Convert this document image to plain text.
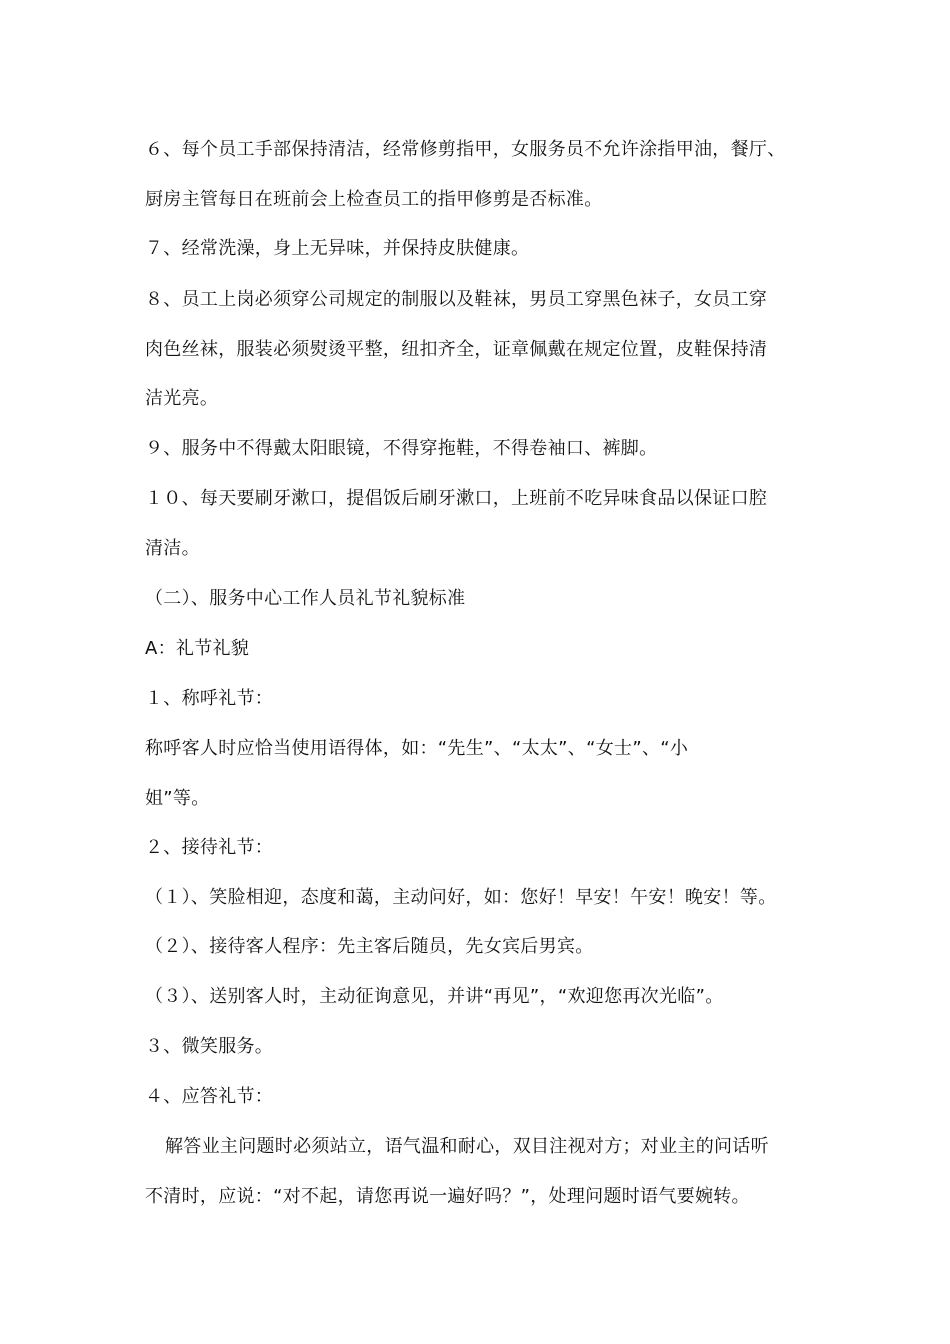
６、每个员工手部保持清洁，经常修剪指甲，女服务员不允许涂指甲油，餐厅、
厨房主管每日在班前会上检查员工的指甲修剪是否标准。
７、经常洗澡，身上无异味，并保持皮肤健康。
８、员工上岗必须穿公司规定的制服以及鞋袜，男员工穿黑色袜子，女员工穿
肉色丝袜，服装必须熨烫平整，纽扣齐全，证章佩戴在规定位置，皮鞋保持清
洁光亮。
９、服务中不得戴太阳眼镜，不得穿拖鞋，不得卷袖口、裤脚。
１０、每天要刷牙漱口，提倡饭后刷牙漱口，上班前不吃异味食品以保证口腔
清洁。
（二）、服务中心工作人员礼节礼貌标准
A：礼节礼貌
１、称呼礼节：
称呼客人时应恰当使用语得体，如：“先生”、“太太”、“女士”、“小
姐”等。
２、接待礼节：
（１）、笑脸相迎，态度和蔼，主动问好，如：您好！早安！午安！晚安！等。
（２）、接待客人程序：先主客后随员，先女宾后男宾。
（３）、送别客人时，主动征询意见，并讲“再见”，“欢迎您再次光临”。
３、微笑服务。
４、应答礼节：
解答业主问题时必须站立，语气温和耐心，双目注视对方；对业主的问话听
不清时，应说：“对不起，请您再说一遍好吗？”，处理问题时语气要婉转。
